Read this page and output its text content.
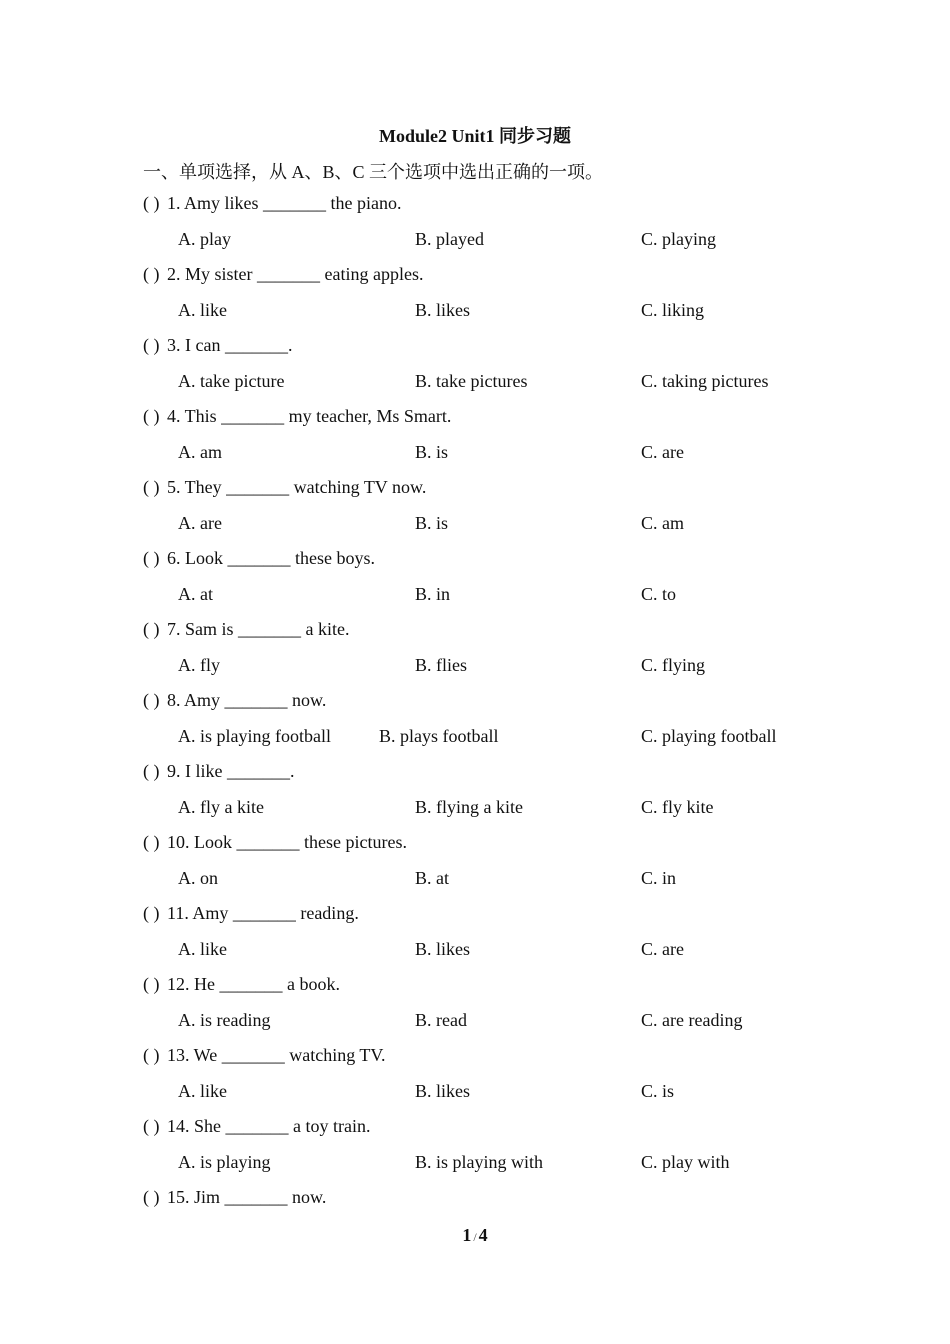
Module2 Unit1 同步习题
一、单项选择，从 A、B、C 三个选项中选出正确的一项。
( ) 1. Amy likes _______ the piano.
A. play	B. played	C. playing
( ) 2. My sister _______ eating apples.
A. like	B. likes	C. liking
( ) 3. I can _______.
A. take picture	B. take pictures	C. taking pictures
( ) 4. This _______ my teacher, Ms Smart.
A. am	B. is	C. are
( ) 5. They _______ watching TV now.
A. are	B. is	C. am
( ) 6. Look _______ these boys.
A. at	B. in	C. to
( ) 7. Sam is _______ a kite.
A. fly	B. flies	C. flying
( ) 8. Amy _______ now.
A. is playing football	B. plays football	C. playing football
( ) 9. I like _______.
A. fly a kite	B. flying a kite	C. fly kite
( ) 10. Look _______ these pictures.
A. on	B. at	C. in
( ) 11. Amy _______ reading.
A. like	B. likes	C. are
( ) 12. He _______ a book.
A. is reading	B. read	C. are reading
( ) 13. We _______ watching TV.
A. like	B. likes	C. is
( ) 14. She _______ a toy train.
A. is playing	B. is playing with	C. play with
( ) 15. Jim _______ now.
1 / 4
